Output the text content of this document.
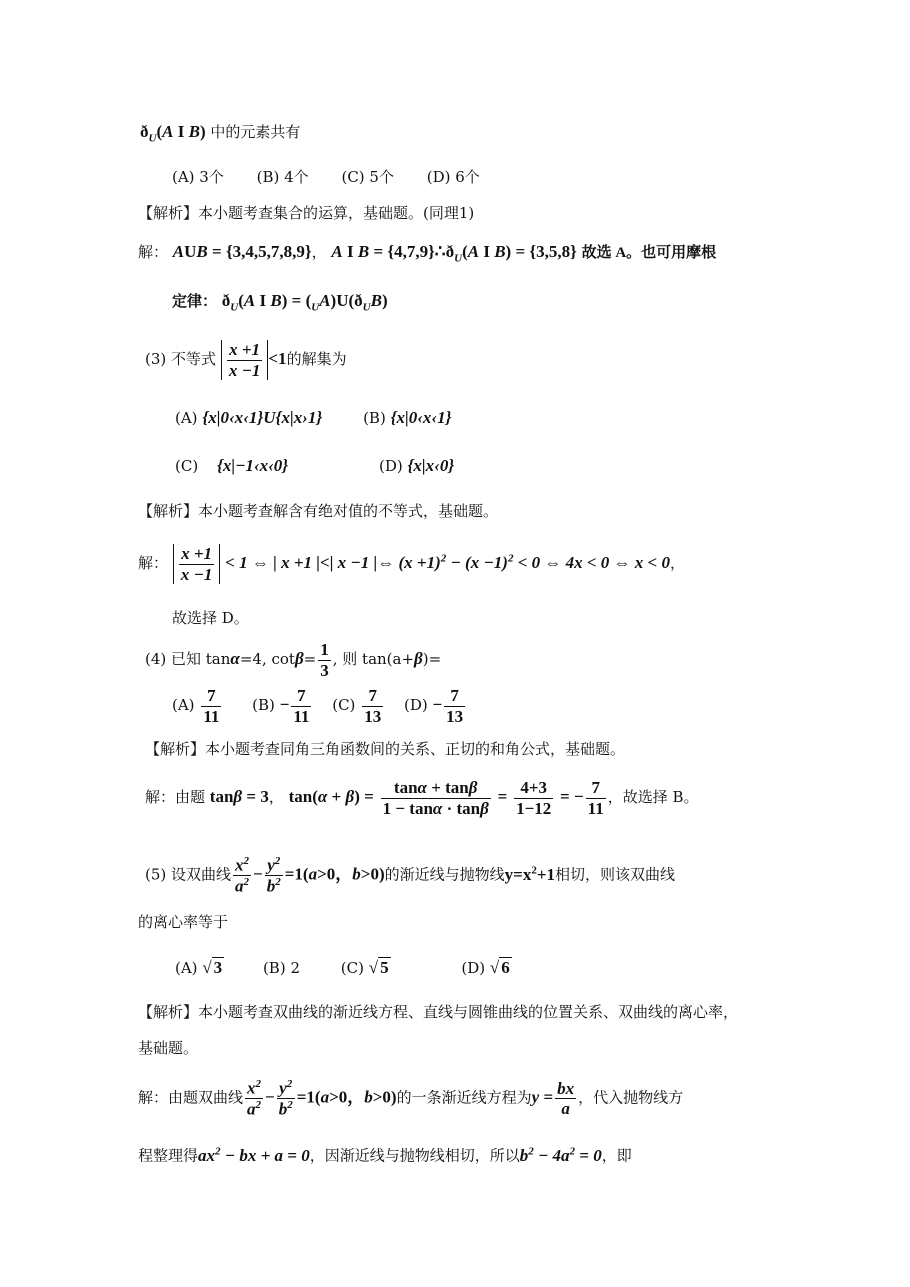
$ð_U(A$ I B) 中的元素共有
(A) 3个 (B) 4个 (C) 5个 (D) 6个
【解析】本小题考查集合的运算，基础题。(同理1)
解： AUB = {3,4,5,7,8,9}， A I $B = \{4,7,9\}\therefore ð_U(A$ I B) = {3,5,8} 故选 A。也可用摩根
定律： $ð_U(A$ I $B) = (_UA)U(ð_UB)$
(3) 不等式 $\frac{x +1}{x -1} <1$的解集为
(A) {x|0‹x‹1}U{x|x›1}	(B) {x|0‹x‹1}
(C) {x|−1‹x‹0}	(D) {x|x‹0}
【解析】本小题考查解含有绝对值的不等式，基础题。
解： $\frac{x +1}{x -1} < 1$ ⇔ | x +1 |<| x −1 |⇔ $(x +1)^2 - (x -1)^2 < 0$ ⇔ 4x < 0 ⇔ x < 0，
故选择 D。
(4) 已知 tanα=4, $\cot\beta= \frac{1}{3}$ , 则 tan(a+β)=
$(A) \frac{7}{11} (B) - \frac{7}{11} (C) \frac{7}{13} (D) - \frac{7}{13}$
【解析】本小题考查同角三角函数间的关系、正切的和角公式，基础题。
解：由题 tanβ = 3， $\tan(\alpha + \beta) = \frac{\tan\alpha + \tan\beta}{1 - \tan\alpha \cdot \tan\beta} = \frac{4+3}{1-12}$ = − $\frac{7}{11}$ ，故选择 B。
(5) 设双曲线 $\frac{x^2}{a^2} - \frac{y^2}{b^2} =1(a>0$，b>0)的渐近线与抛物线$y=x^2+1$相切，则该双曲线
的离心率等于
(A) √ 3	(B) 2	(C) √ 5	(D) √ 6
【解析】本小题考查双曲线的渐近线方程、直线与圆锥曲线的位置关系、双曲线的离心率，
基础题。
解：由题双曲线 $\frac{x^2}{a^2} - \frac{y^2}{b^2} =1(a>0$，b>0)的一条渐近线方程为$y = \frac{bx}{a}$ ，代入抛物线方
程整理得$ax^2$ − bx + a = 0，因渐近线与抛物线相切，所以$b^2 - 4a^2 = 0$，即
